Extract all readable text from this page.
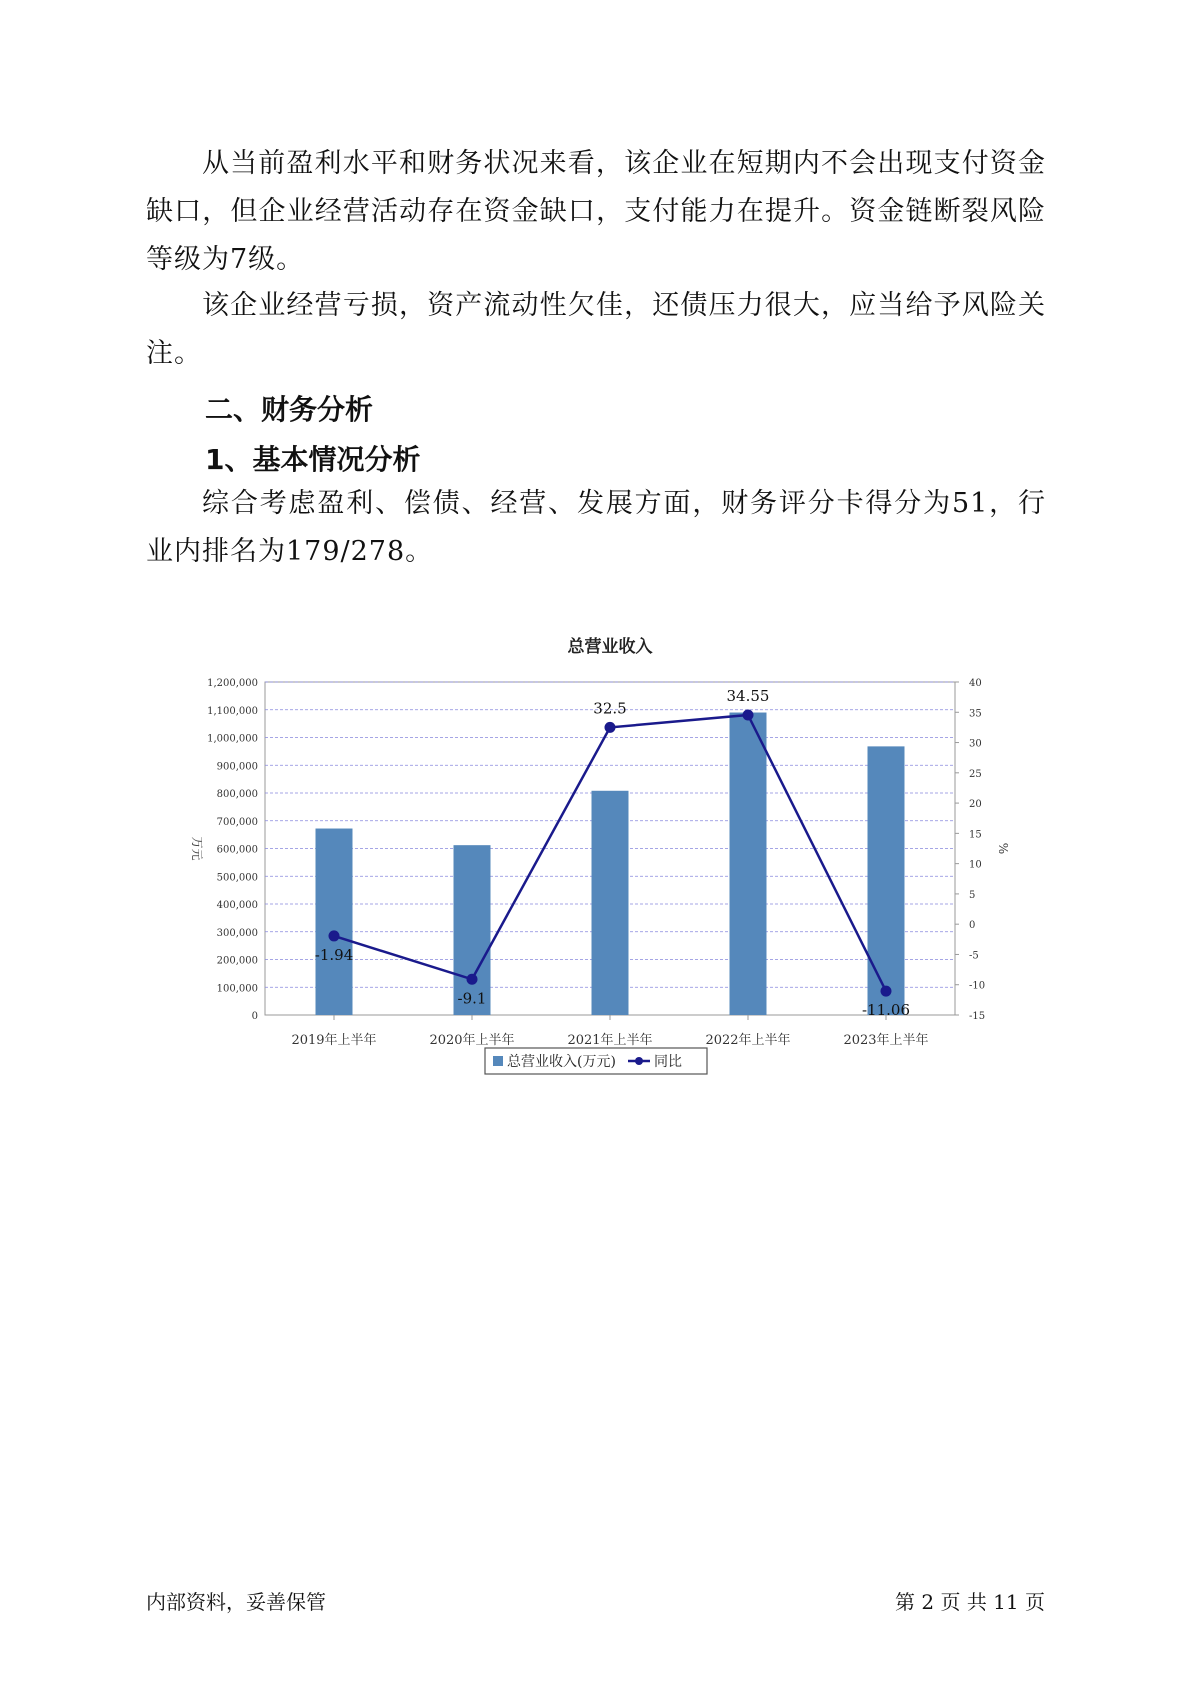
从当前盈利水平和财务状况来看，该企业在短期内不会出现支付资金缺口，但企业经营活动存在资金缺口，支付能力在提升。资金链断裂风险等级为7级。

该企业经营亏损，资产流动性欠佳，还债压力很大，应当给予风险关注。

二、财务分析
1、基本情况分析

综合考虑盈利、偿债、经营、发展方面，财务评分卡得分为51，行业内排名为179/278。

总营业收入
0
100,000
200,000
300,000
400,000
500,000
600,000
700,000
800,000
900,000
1,000,000
1,100,000
1,200,000
-15
-10
-5
0
5
10
15
20
25
30
35
40
万元	%
2019年上半年	2020年上半年	2021年上半年	2022年上半年	2023年上半年
-1.94
-9.1
32.5
34.55
-11.06
总营业收入(万元)	同比
内部资料，妥善保管	第 2 页 共 11 页
